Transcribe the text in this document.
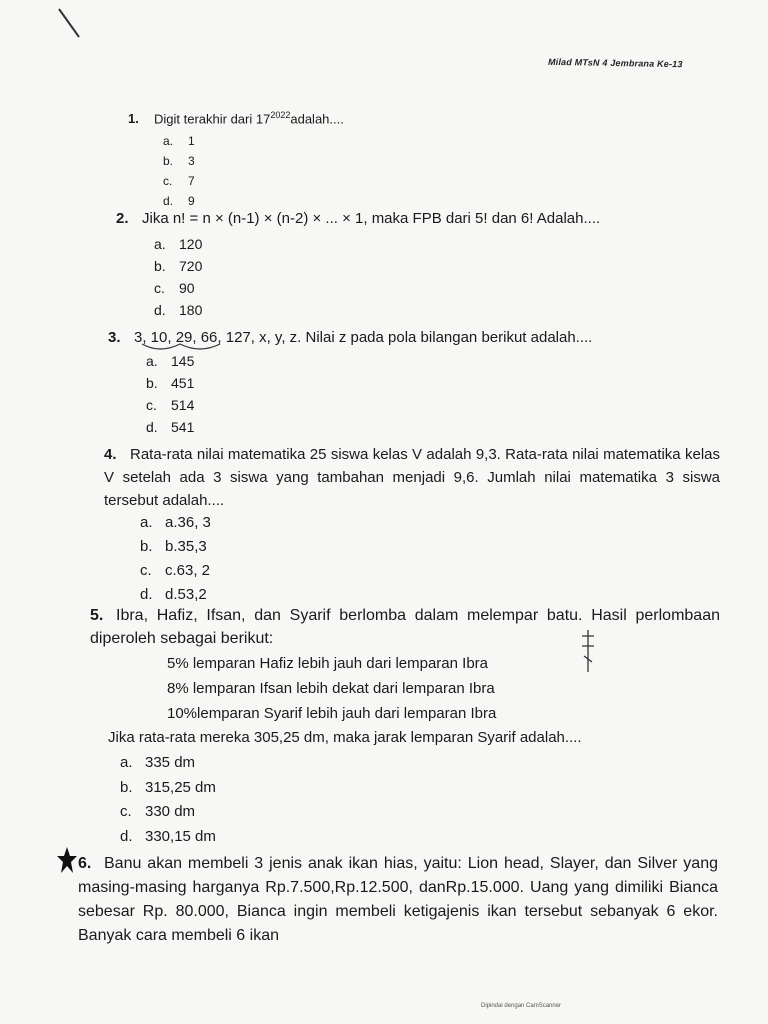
Milad MTsN 4 Jembrana Ke-13
1. Digit terakhir dari $17^{2022}adalah$....
a. 1
b. 3
c. 7
d. 9
2. Jika n! = n × (n-1) × (n-2) × ... × 1, maka FPB dari 5! dan 6! Adalah....
a. 120
b. 720
c. 90
d. 180
3. 3, 10, 29, 66, 127, x, y, z. Nilai z pada pola bilangan berikut adalah....
a. 145
b. 451
c. 514
d. 541
4. Rata-rata nilai matematika 25 siswa kelas V adalah 9,3. Rata-rata nilai matematika kelas V setelah ada 3 siswa yang tambahan menjadi 9,6. Jumlah nilai matematika 3 siswa tersebut adalah....
a. a.36, 3
b. b.35,3
c. c.63, 2
d. d.53,2
5. Ibra, Hafiz, Ifsan, dan Syarif berlomba dalam melempar batu. Hasil perlombaan diperoleh sebagai berikut:
5% lemparan Hafiz lebih jauh dari lemparan Ibra
8% lemparan Ifsan lebih dekat dari lemparan Ibra
10%lemparan Syarif lebih jauh dari lemparan Ibra
Jika rata-rata mereka 305,25 dm, maka jarak lemparan Syarif adalah....
a. 335 dm
b. 315,25 dm
c. 330 dm
d. 330,15 dm
6. Banu akan membeli 3 jenis anak ikan hias, yaitu: Lion head, Slayer, dan Silver yang masing-masing harganya Rp.7.500,Rp.12.500, danRp.15.000. Uang yang dimiliki Bianca sebesar Rp. 80.000, Bianca ingin membeli ketigajenis ikan tersebut sebanyak 6 ekor. Banyak cara membeli 6 ikan
Dipindai dengan CamScanner
